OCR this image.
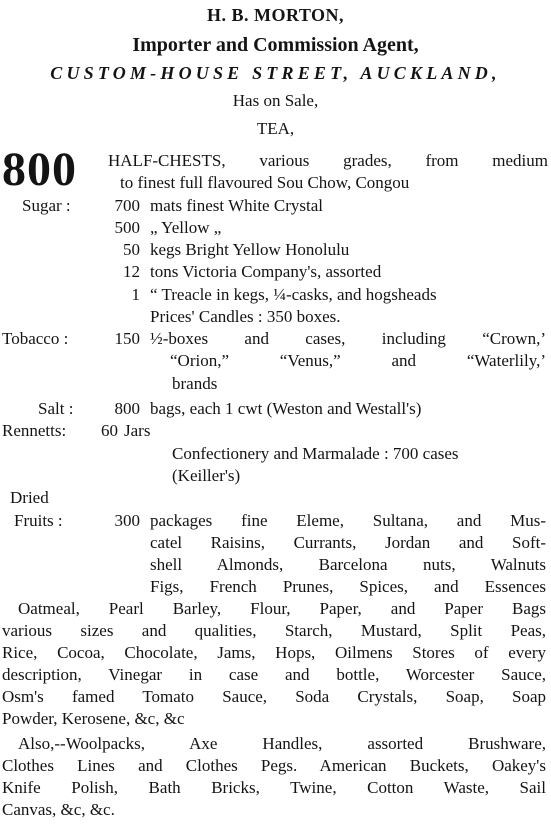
H. B. MORTON,
Importer and Commission Agent,
CUSTOM-HOUSE STREET, AUCKLAND,
Has on Sale,
TEA,
800 HALF-CHESTS, various grades, from medium
to finest full flavoured Sou Chow, Congou
Sugar :	700 mats finest White Crystal
500 „ Yellow „
50 kegs Bright Yellow Honolulu
12 tons Victoria Company's, assorted
1 “ Treacle in kegs, ¼-casks, and hogsheads
Prices' Candles : 350 boxes.
Tobacco :	150 ½-boxes and cases, including “Crown,’
“Orion,” “Venus,” and “Waterlily,’
brands
Salt :	800 bags, each 1 cwt (Weston and Westall's)
Rennetts:	60 Jars
Confectionery and Marmalade : 700 cases
(Keiller's)
Dried
Fruits :	300 packages fine Eleme, Sultana, and Mus-
catel Raisins, Currants, Jordan and Soft-
shell Almonds, Barcelona nuts, Walnuts
Figs, French Prunes, Spices, and Essences
Oatmeal, Pearl Barley, Flour, Paper, and Paper Bags
various sizes and qualities, Starch, Mustard, Split Peas,
Rice, Cocoa, Chocolate, Jams, Hops, Oilmens Stores of every
description, Vinegar in case and bottle, Worcester Sauce,
Osm's famed Tomato Sauce, Soda Crystals, Soap, Soap
Powder, Kerosene, &c, &c
Also,--Woolpacks, Axe Handles, assorted Brushware,
Clothes Lines and Clothes Pegs. American Buckets, Oakey's
Knife Polish, Bath Bricks, Twine, Cotton Waste, Sail
Canvas, &c, &c.
